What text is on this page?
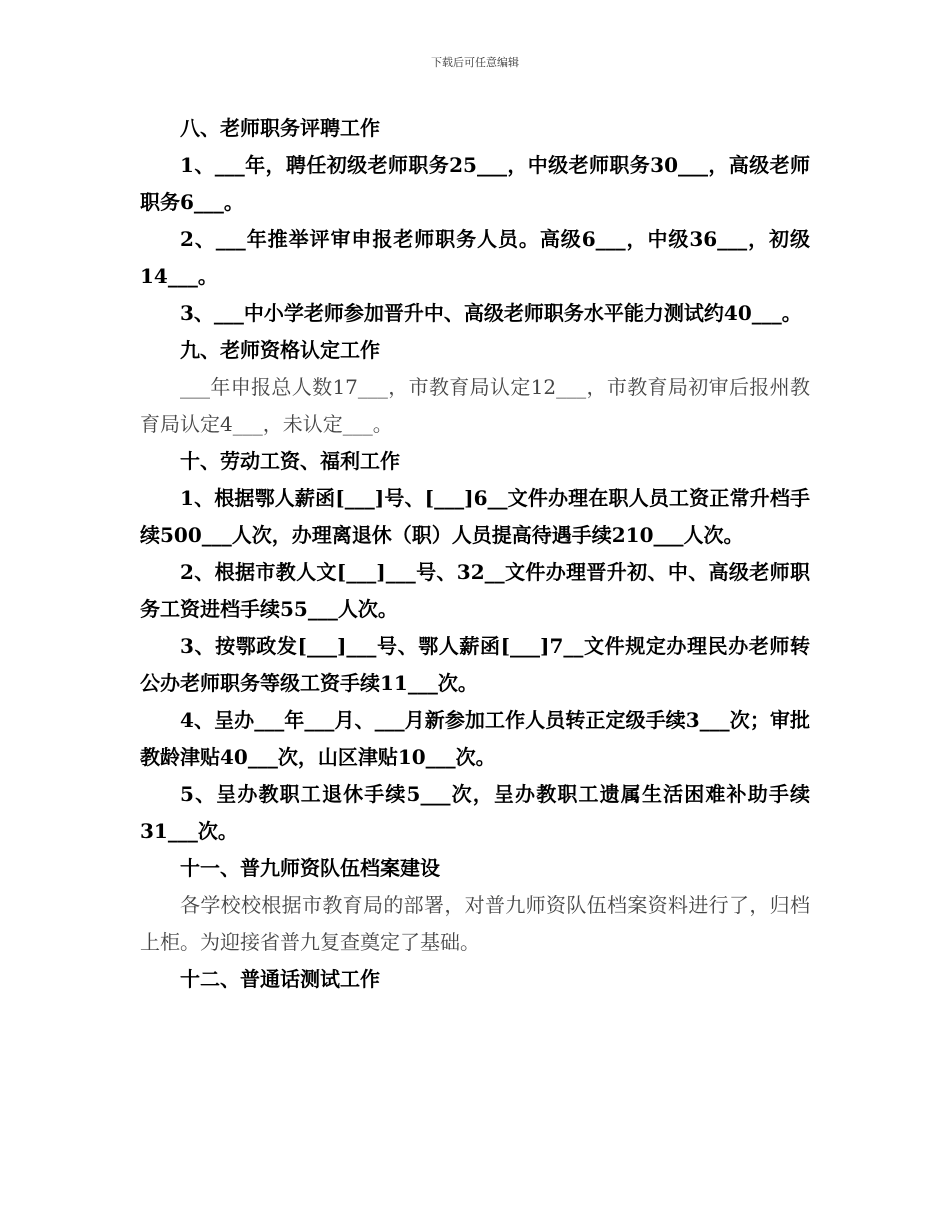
下载后可任意编辑

八、老师职务评聘工作

1、___年，聘任初级老师职务25___，中级老师职务30___，高级老师职务6___。

2、___年推举评审申报老师职务人员。高级6___，中级36___，初级14___。

3、___中小学老师参加晋升中、高级老师职务水平能力测试约40___。

九、老师资格认定工作

___年申报总人数17___，市教育局认定12___，市教育局初审后报州教育局认定4___，未认定___。

十、劳动工资、福利工作

1、根据鄂人薪函[___]号、[___]6__文件办理在职人员工资正常升档手续500___人次，办理离退休（职）人员提高待遇手续210___人次。

2、根据市教人文[___]___号、32__文件办理晋升初、中、高级老师职务工资进档手续55___人次。

3、按鄂政发[___]___号、鄂人薪函[___]7__文件规定办理民办老师转公办老师职务等级工资手续11___次。

4、呈办___年___月、___月新参加工作人员转正定级手续3___次；审批教龄津贴40___次，山区津贴10___次。

5、呈办教职工退休手续5___次，呈办教职工遗属生活困难补助手续31___次。

十一、普九师资队伍档案建设

各学校校根据市教育局的部署，对普九师资队伍档案资料进行了，归档上柜。为迎接省普九复查奠定了基础。

十二、普通话测试工作
